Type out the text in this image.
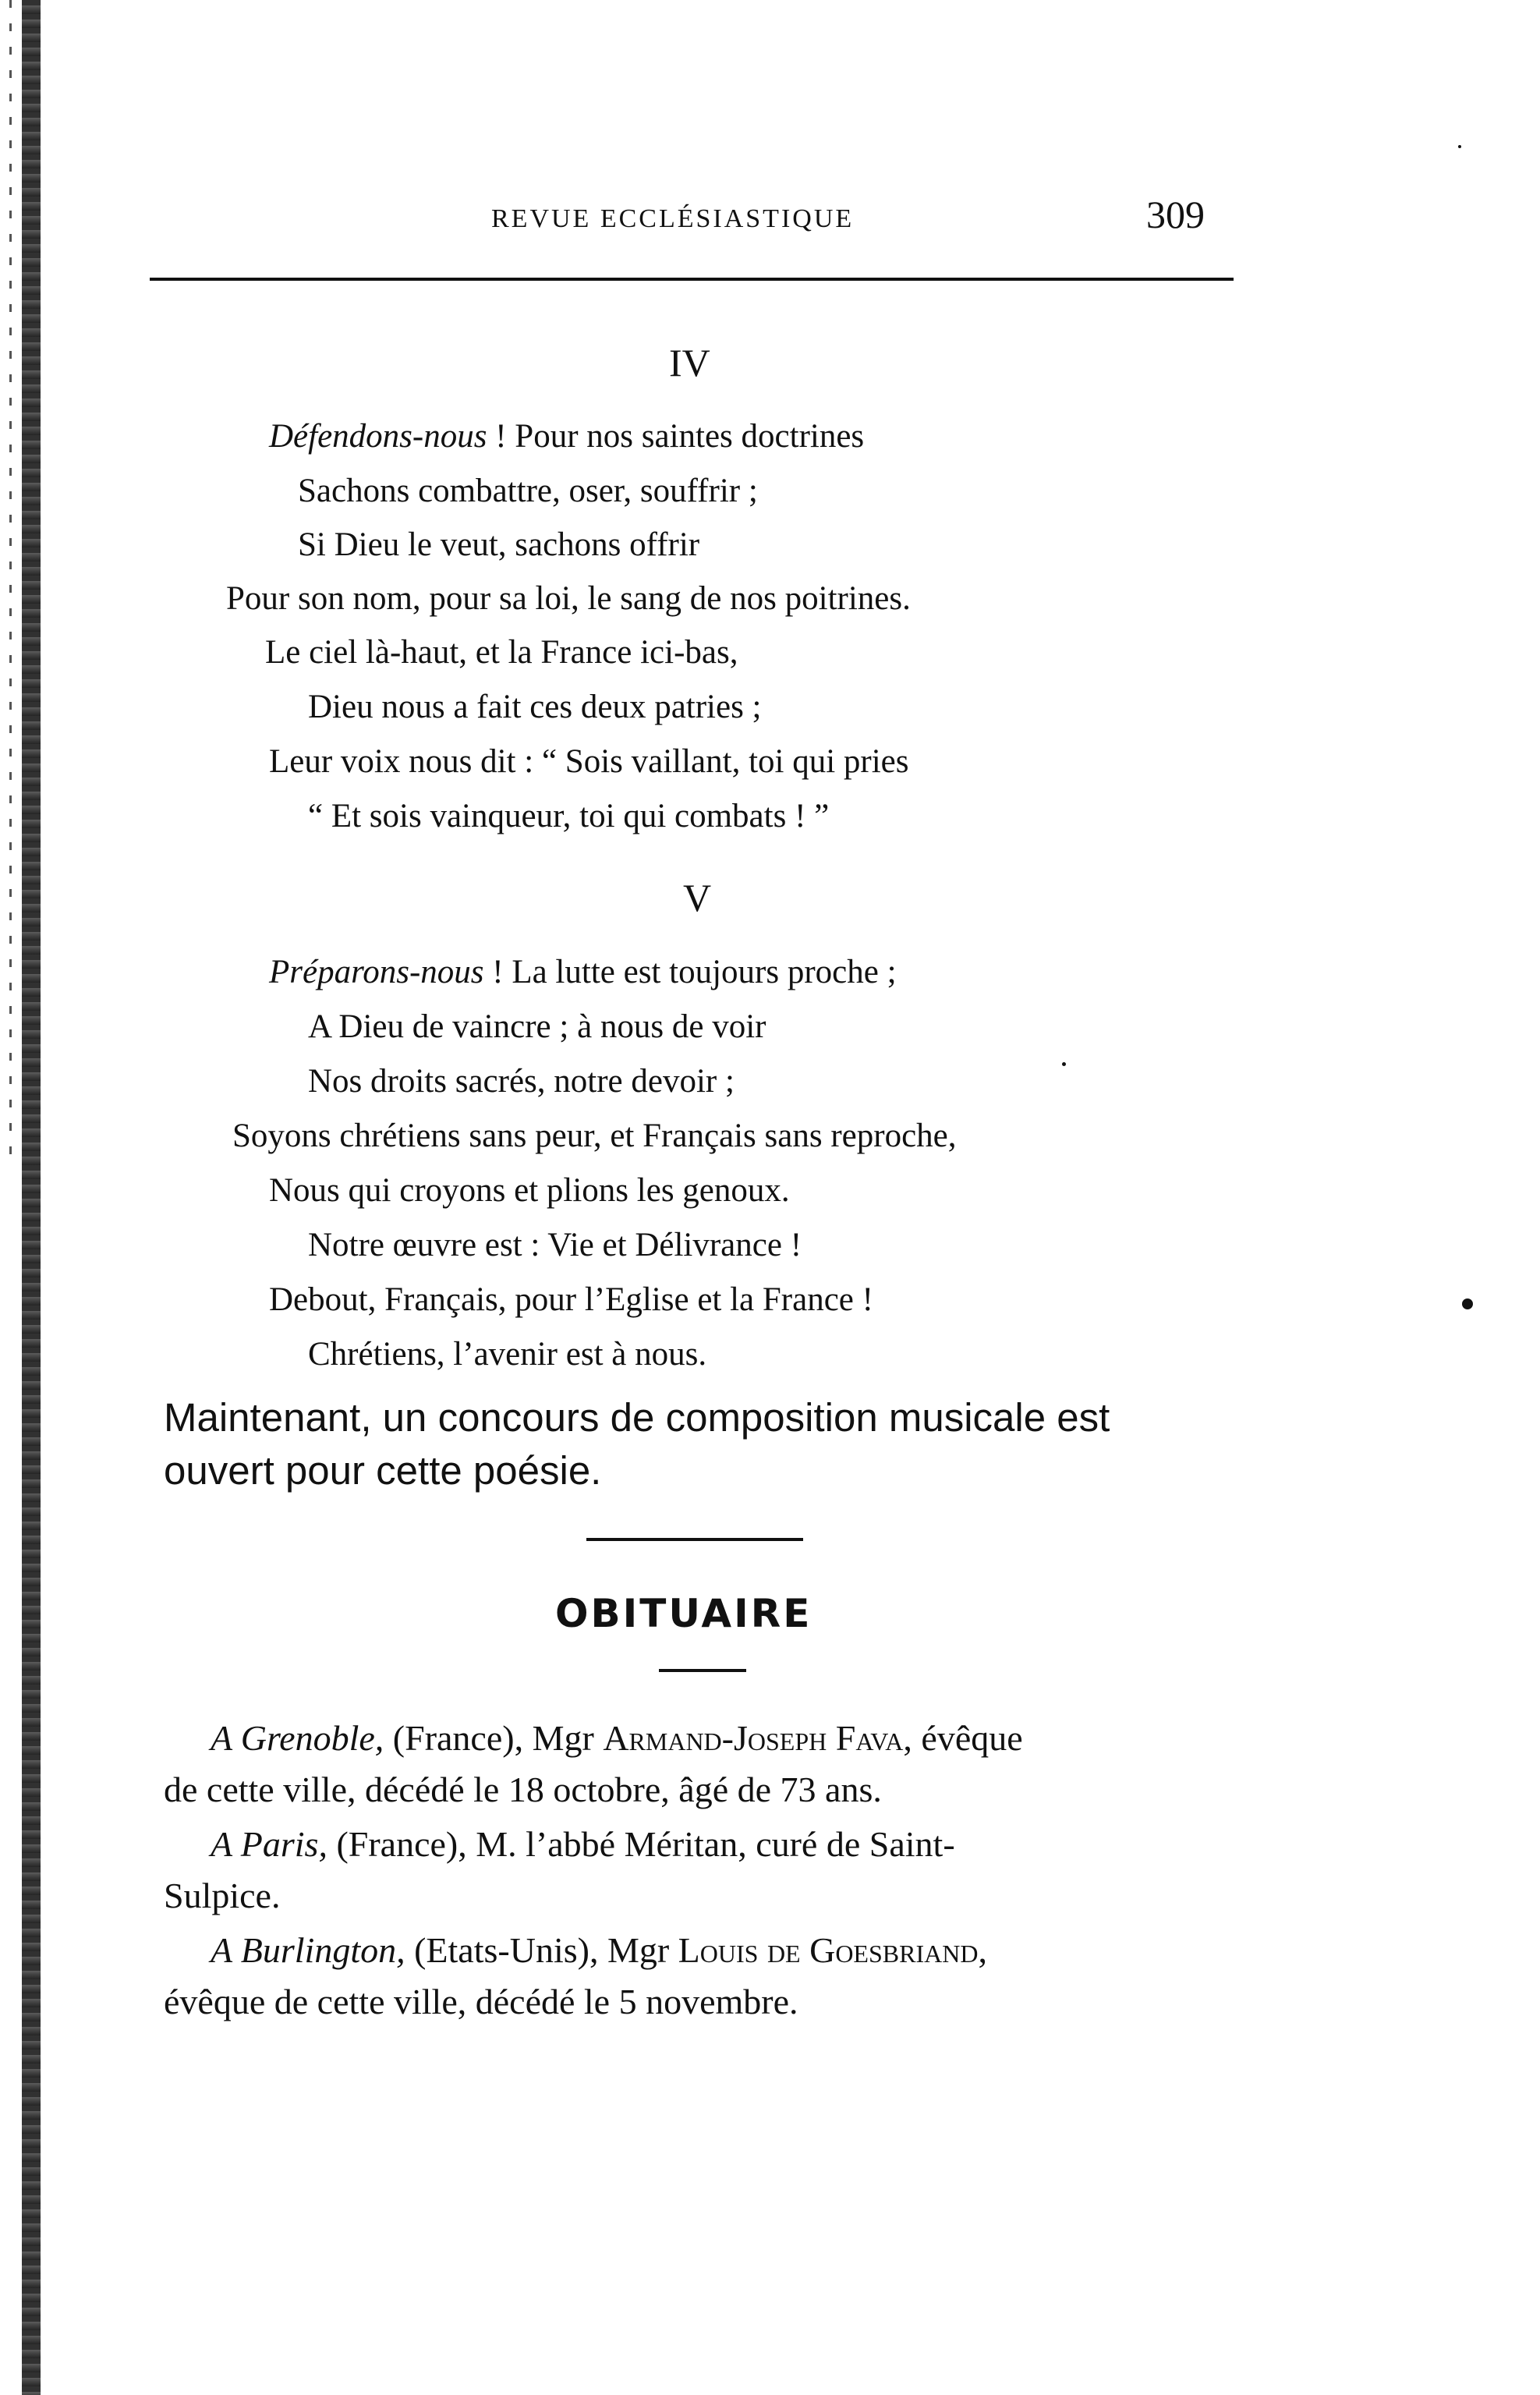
REVUE ECCLÉSIASTIQUE	309
IV
Défendons-nous ! Pour nos saintes doctrines
Sachons combattre, oser, souffrir ;
Si Dieu le veut, sachons offrir
Pour son nom, pour sa loi, le sang de nos poitrines.
Le ciel là-haut, et la France ici-bas,
Dieu nous a fait ces deux patries ;
Leur voix nous dit : “ Sois vaillant, toi qui pries
“ Et sois vainqueur, toi qui combats ! ”
V
Préparons-nous ! La lutte est toujours proche ;
A Dieu de vaincre ; à nous de voir
Nos droits sacrés, notre devoir ;
Soyons chrétiens sans peur, et Français sans reproche,
Nous qui croyons et plions les genoux.
Notre œuvre est : Vie et Délivrance !
Debout, Français, pour l’Eglise et la France !
Chrétiens, l’avenir est à nous.
Maintenant, un concours de composition musicale est
ouvert pour cette poésie.
OBITUAIRE
A Grenoble, (France), Mgr Armand-Joseph Fava, évêque
de cette ville, décédé le 18 octobre, âgé de 73 ans.
A Paris, (France), M. l’abbé Méritan, curé de Saint-
Sulpice.
A Burlington, (Etats-Unis), Mgr Louis de Goesbriand,
évêque de cette ville, décédé le 5 novembre.
